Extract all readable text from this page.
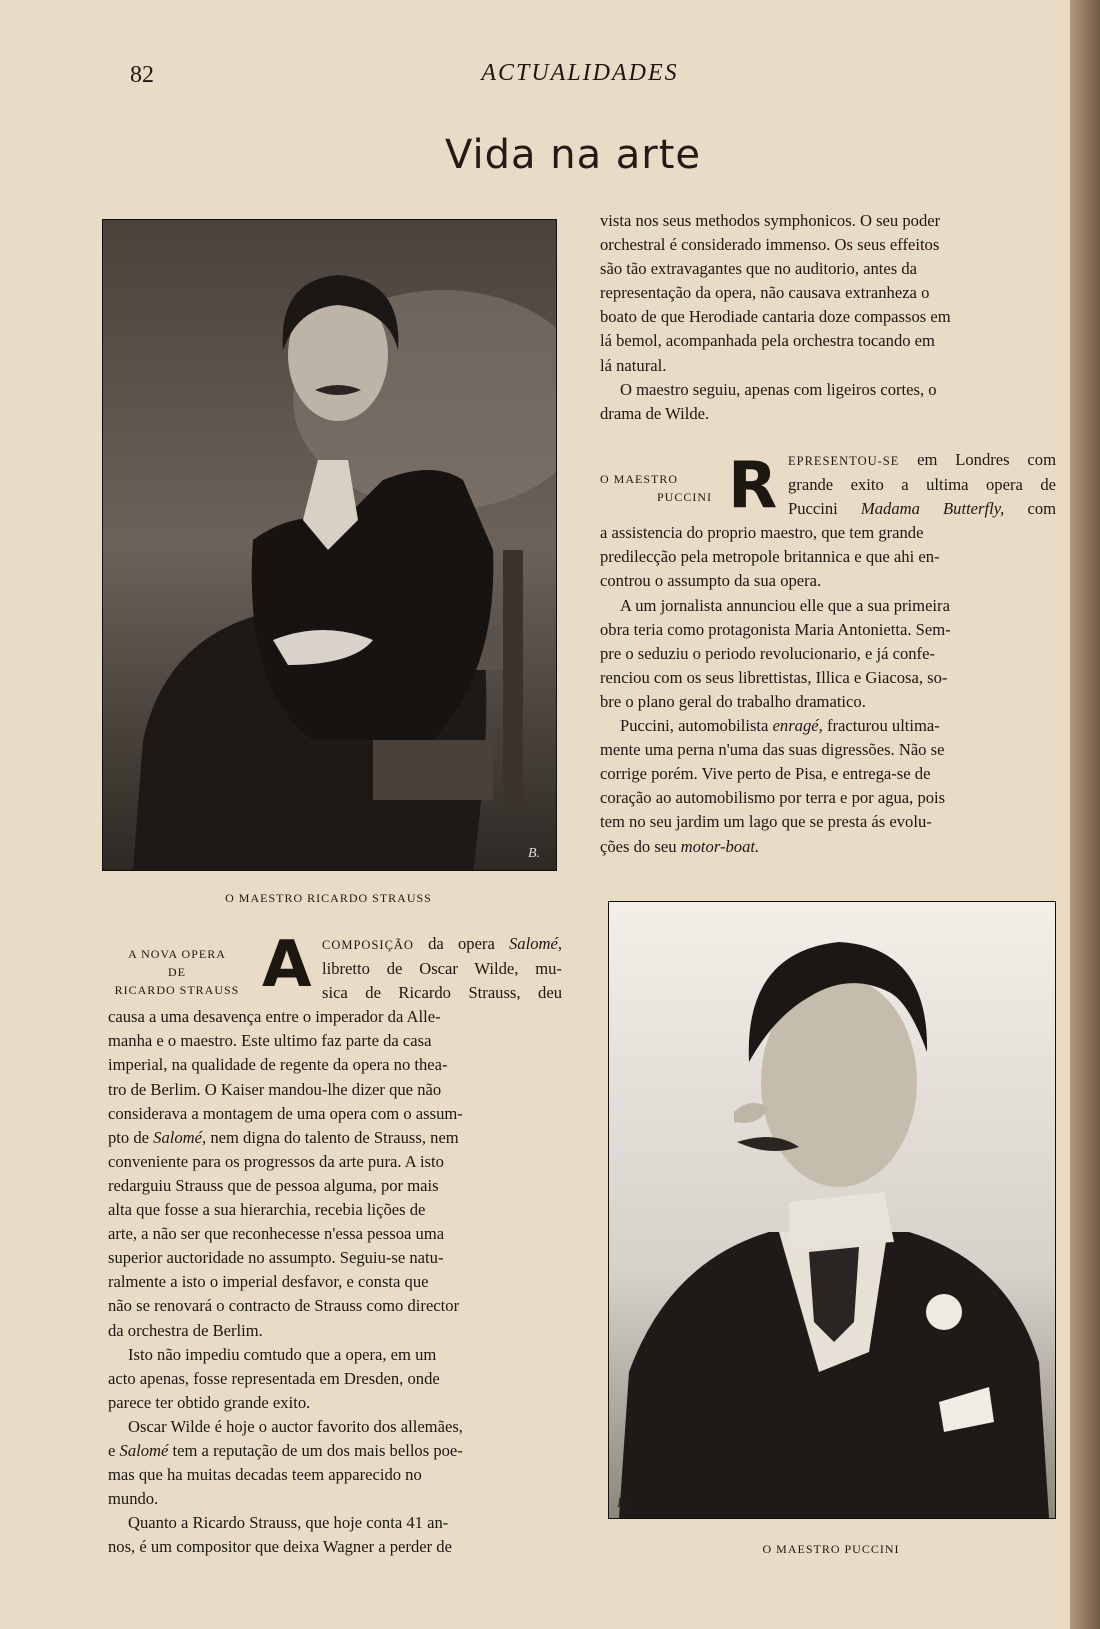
82	ACTUALIDADES
Vida na arte
B.
O MAESTRO RICARDO STRAUSS

vista nos seus methodos symphonicos. O seu poder
orchestral é considerado immenso. Os seus effeitos
são tão extravagantes que no auditorio, antes da
representação da opera, não causava extranheza o
boato de que Herodiade cantaria doze compassos em
lá bemol, acompanhada pela orchestra tocando em
lá natural.

O maestro seguiu, apenas com ligeiros cortes, o
drama de Wilde.

O MAESTRO
PUCCINI R EPRESENTOU-SE em Londres com
grande exito a ultima opera de
Puccini Madama Butterfly, com

a assistencia do proprio maestro, que tem grande
predilecção pela metropole britannica e que ahi en-
controu o assumpto da sua opera.

A um jornalista annunciou elle que a sua primeira
obra teria como protagonista Maria Antonietta. Sem-
pre o seduziu o periodo revolucionario, e já confe-
renciou com os seus librettistas, Illica e Giacosa, so-
bre o plano geral do trabalho dramatico.

Puccini, automobilista enragé, fracturou ultima-
mente uma perna n'uma das suas digressões. Não se
corrige porém. Vive perto de Pisa, e entrega-se de
coração ao automobilismo por terra e por agua, pois
tem no seu jardim um lago que se presta ás evolu-
ções do seu motor-boat.

A NOVA OPERA
DE
RICARDO STRAUSS A COMPOSIÇÃO da opera Salomé,
libretto de Oscar Wilde, mu-
sica de Ricardo Strauss, deu

causa a uma desavença entre o imperador da Alle-
manha e o maestro. Este ultimo faz parte da casa
imperial, na qualidade de regente da opera no thea-
tro de Berlim. O Kaiser mandou-lhe dizer que não
considerava a montagem de uma opera com o assum-
pto de Salomé, nem digna do talento de Strauss, nem
conveniente para os progressos da arte pura. A isto
redarguiu Strauss que de pessoa alguma, por mais
alta que fosse a sua hierarchia, recebia lições de
arte, a não ser que reconhecesse n'essa pessoa uma
superior auctoridade no assumpto. Seguiu-se natu-
ralmente a isto o imperial desfavor, e consta que
não se renovará o contracto de Strauss como director
da orchestra de Berlim.

Isto não impediu comtudo que a opera, em um
acto apenas, fosse representada em Dresden, onde
parece ter obtido grande exito.

Oscar Wilde é hoje o auctor favorito dos allemães,
e Salomé tem a reputação de um dos mais bellos poe-
mas que ha muitas decadas teem apparecido no
mundo.

Quanto a Ricardo Strauss, que hoje conta 41 an-
nos, é um compositor que deixa Wagner a perder de

B.
O MAESTRO PUCCINI
